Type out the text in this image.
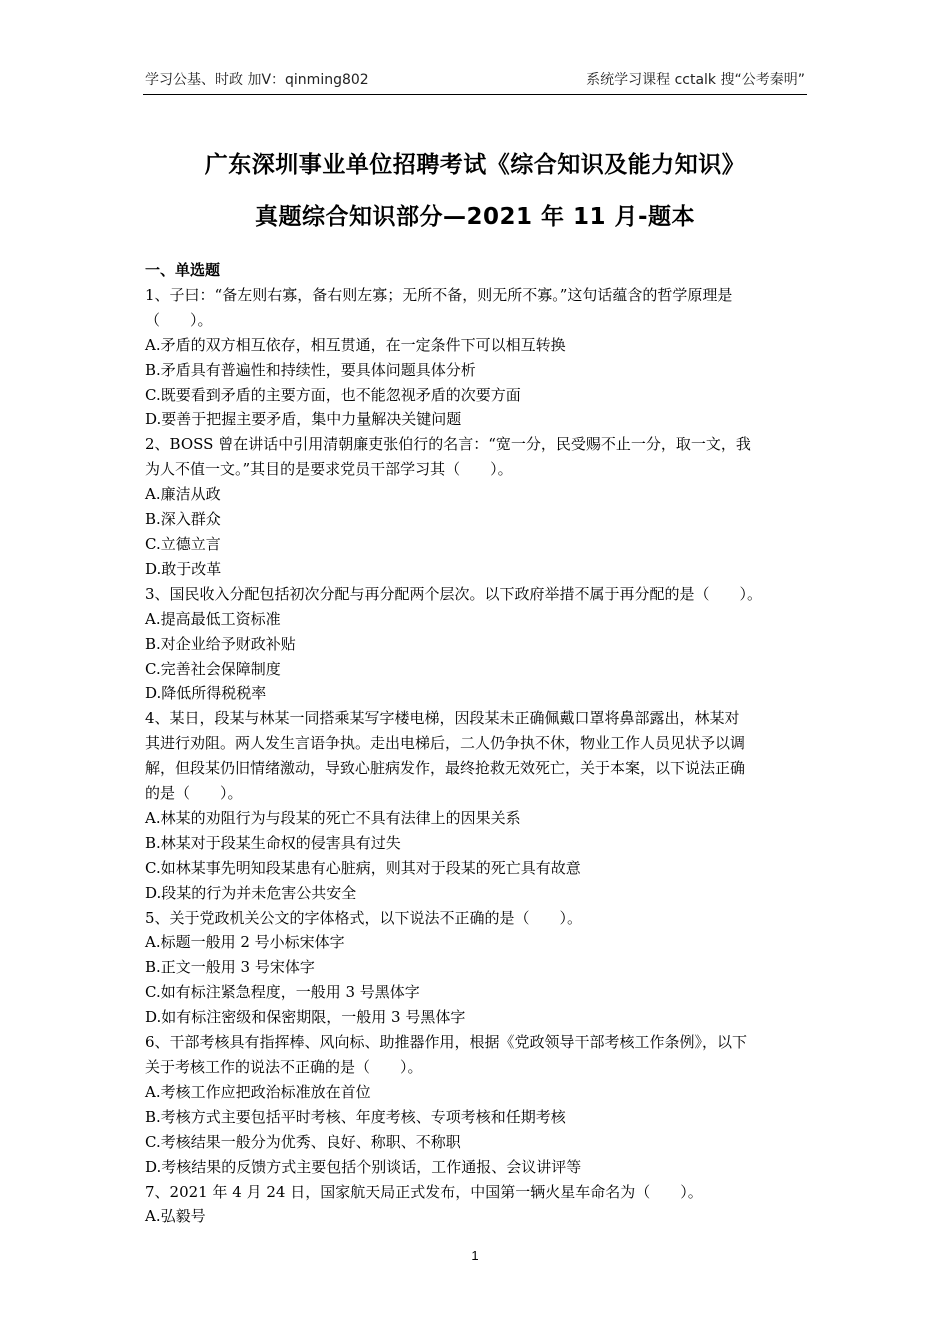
学习公基、时政 加V：qinming802	系统学习课程 cctalk 搜“公考秦明”
广东深圳事业单位招聘考试《综合知识及能力知识》
真题综合知识部分—2021 年 11 月-题本

一、单选题

1、子曰：“备左则右寡，备右则左寡；无所不备，则无所不寡。”这句话蕴含的哲学原理是

（　　）。

A.矛盾的双方相互依存，相互贯通，在一定条件下可以相互转换

B.矛盾具有普遍性和持续性，要具体问题具体分析

C.既要看到矛盾的主要方面，也不能忽视矛盾的次要方面

D.要善于把握主要矛盾，集中力量解决关键问题

2、BOSS 曾在讲话中引用清朝廉吏张伯行的名言：“宽一分，民受赐不止一分，取一文，我

为人不值一文。”其目的是要求党员干部学习其（　　）。

A.廉洁从政

B.深入群众

C.立德立言

D.敢于改革

3、国民收入分配包括初次分配与再分配两个层次。以下政府举措不属于再分配的是（　　）。

A.提高最低工资标准

B.对企业给予财政补贴

C.完善社会保障制度

D.降低所得税税率

4、某日，段某与林某一同搭乘某写字楼电梯，因段某未正确佩戴口罩将鼻部露出，林某对

其进行劝阻。两人发生言语争执。走出电梯后，二人仍争执不休，物业工作人员见状予以调

解，但段某仍旧情绪激动，导致心脏病发作，最终抢救无效死亡，关于本案，以下说法正确

的是（　　）。

A.林某的劝阻行为与段某的死亡不具有法律上的因果关系

B.林某对于段某生命权的侵害具有过失

C.如林某事先明知段某患有心脏病，则其对于段某的死亡具有故意

D.段某的行为并未危害公共安全

5、关于党政机关公文的字体格式，以下说法不正确的是（　　）。

A.标题一般用 2 号小标宋体字

B.正文一般用 3 号宋体字

C.如有标注紧急程度，一般用 3 号黑体字

D.如有标注密级和保密期限，一般用 3 号黑体字

6、干部考核具有指挥棒、风向标、助推器作用，根据《党政领导干部考核工作条例》，以下

关于考核工作的说法不正确的是（　　）。

A.考核工作应把政治标准放在首位

B.考核方式主要包括平时考核、年度考核、专项考核和任期考核

C.考核结果一般分为优秀、良好、称职、不称职

D.考核结果的反馈方式主要包括个别谈话，工作通报、会议讲评等

7、2021 年 4 月 24 日，国家航天局正式发布，中国第一辆火星车命名为（　　）。

A.弘毅号

1
